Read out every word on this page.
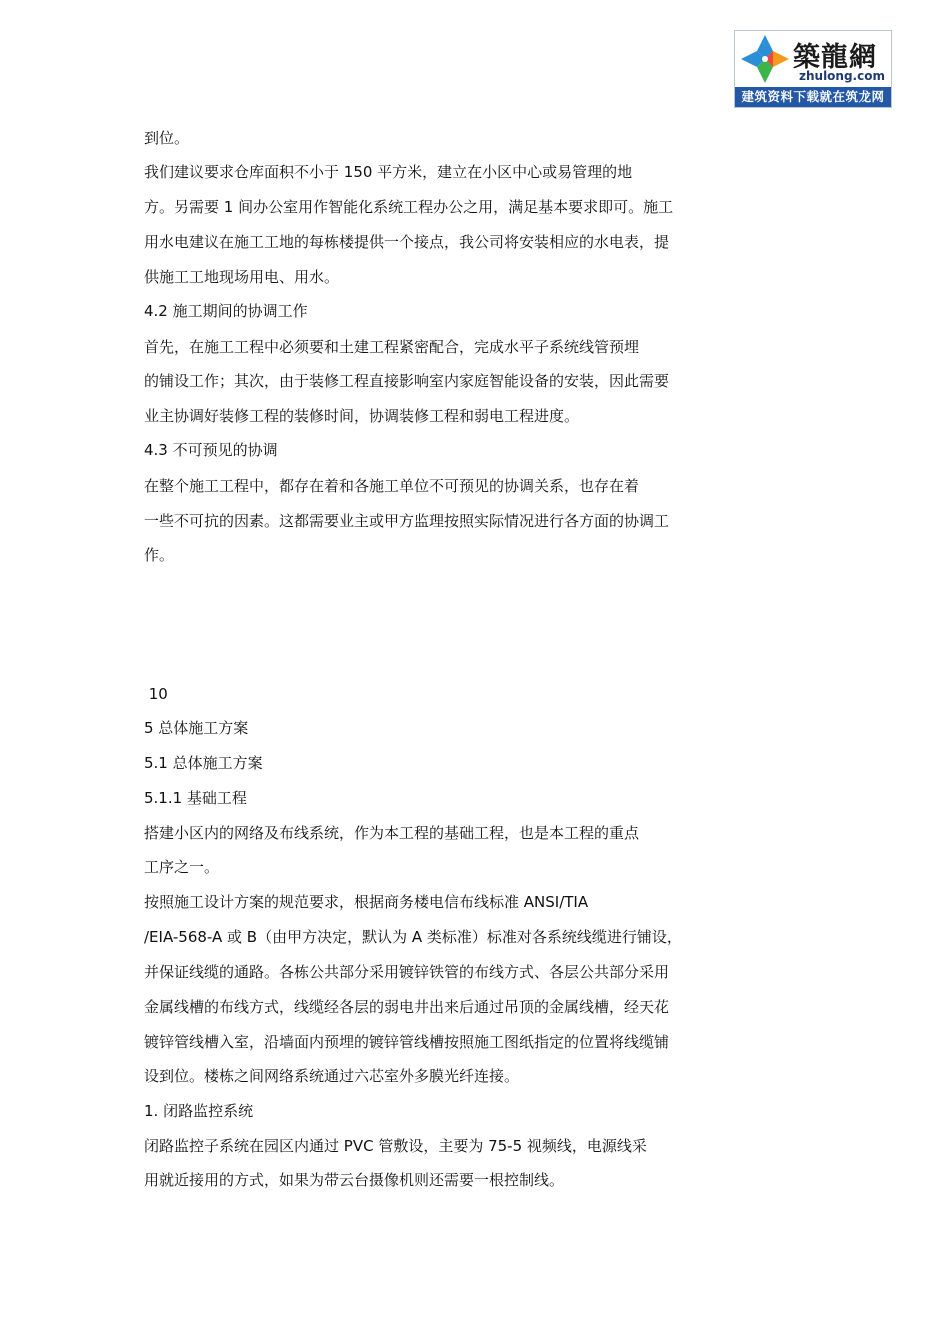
築龍網
zhulong.com
建筑资料下载就在筑龙网
到位。
我们建议要求仓库面积不小于 150 平方米，建立在小区中心或易管理的地
方。另需要 1 间办公室用作智能化系统工程办公之用，满足基本要求即可。施工
用水电建议在施工工地的每栋楼提供一个接点，我公司将安装相应的水电表，提
供施工工地现场用电、用水。
4.2 施工期间的协调工作
首先，在施工工程中必须要和土建工程紧密配合，完成水平子系统线管预埋
的铺设工作；其次，由于装修工程直接影响室内家庭智能设备的安装，因此需要
业主协调好装修工程的装修时间，协调装修工程和弱电工程进度。
4.3 不可预见的协调
在整个施工工程中，都存在着和各施工单位不可预见的协调关系，也存在着
一些不可抗的因素。这都需要业主或甲方监理按照实际情况进行各方面的协调工
作。
10
5 总体施工方案
5.1 总体施工方案
5.1.1 基础工程
搭建小区内的网络及布线系统，作为本工程的基础工程，也是本工程的重点
工序之一。
按照施工设计方案的规范要求，根据商务楼电信布线标准 ANSI/TIA
/EIA-568-A 或 B（由甲方决定，默认为 A 类标准）标准对各系统线缆进行铺设，
并保证线缆的通路。各栋公共部分采用镀锌铁管的布线方式、各层公共部分采用
金属线槽的布线方式，线缆经各层的弱电井出来后通过吊顶的金属线槽，经天花
镀锌管线槽入室，沿墙面内预埋的镀锌管线槽按照施工图纸指定的位置将线缆铺
设到位。楼栋之间网络系统通过六芯室外多膜光纤连接。
1. 闭路监控系统
闭路监控子系统在园区内通过 PVC 管敷设，主要为 75-5 视频线，电源线采
用就近接用的方式，如果为带云台摄像机则还需要一根控制线。
